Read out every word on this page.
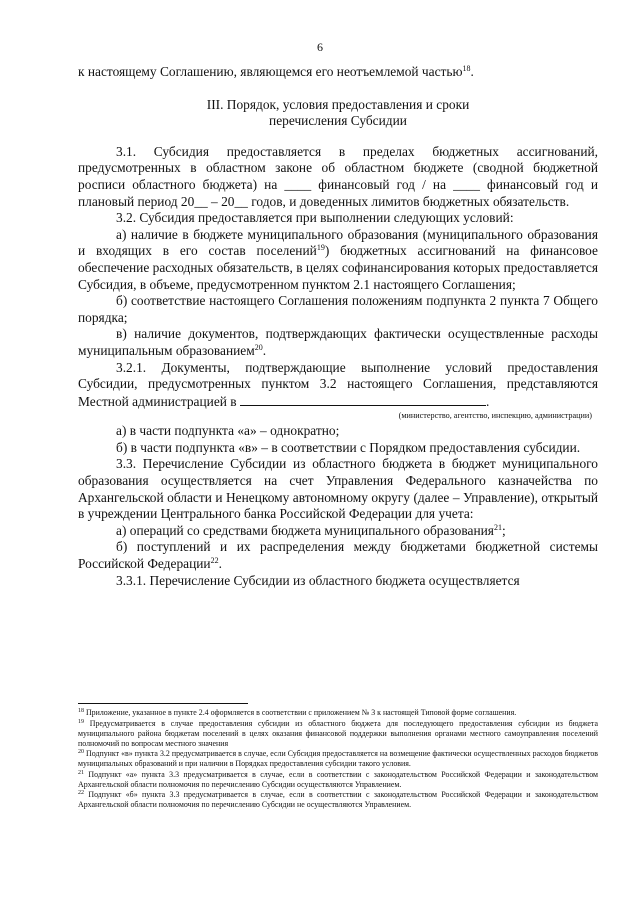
6

к настоящему Соглашению, являющемся его неотъемлемой частью$^{18}$.

III. Порядок, условия предоставления и сроки
перечисления Субсидии

3.1. Субсидия предоставляется в пределах бюджетных ассигнований, предусмотренных в областном законе об областном бюджете (сводной бюджетной росписи областного бюджета) на ____ финансовый год / на ____ финансовый год и плановый период 20__ – 20__ годов, и доведенных лимитов бюджетных обязательств.

3.2. Субсидия предоставляется при выполнении следующих условий:

а) наличие в бюджете муниципального образования (муниципального образования и входящих в его состав поселений$^{19}$) бюджетных ассигнований на финансовое обеспечение расходных обязательств, в целях софинансирования которых предоставляется Субсидия, в объеме, предусмотренном пунктом 2.1 настоящего Соглашения;

б) соответствие настоящего Соглашения положениям подпункта 2 пункта 7 Общего порядка;

в) наличие документов, подтверждающих фактически осуществленные расходы муниципальным образованием$^{20}$.

3.2.1. Документы, подтверждающие выполнение условий предоставления Субсидии, предусмотренных пунктом 3.2 настоящего Соглашения, представляются Местной администрацией в	.

(министерство, агентство, инспекцию, администрации)

а) в части подпункта «а» – однократно;

б) в части подпункта «в» – в соответствии с Порядком предоставления субсидии.

3.3. Перечисление Субсидии из областного бюджета в бюджет муниципального образования осуществляется на счет Управления Федерального казначейства по Архангельской области и Ненецкому автономному округу (далее – Управление), открытый в учреждении Центрального банка Российской Федерации для учета:

а) операций со средствами бюджета муниципального образования$^{21}$;

б) поступлений и их распределения между бюджетами бюджетной системы Российской Федерации$^{22}$.

3.3.1. Перечисление Субсидии из областного бюджета осуществляется

$^{18}$ Приложение, указанное в пункте 2.4 оформляется в соответствии с приложением № 3 к настоящей Типовой форме соглашения.

$^{19}$ Предусматривается в случае предоставления субсидии из областного бюджета для последующего предоставления субсидии из бюджета муниципального района бюджетам поселений в целях оказания финансовой поддержки выполнения органами местного самоуправления поселений полномочий по вопросам местного значения

$^{20}$ Подпункт «в» пункта 3.2 предусматривается в случае, если Субсидия предоставляется на возмещение фактически осуществленных расходов бюджетов муниципальных образований и при наличии в Порядках предоставления субсидии такого условия.

$^{21}$ Подпункт «а» пункта 3.3 предусматривается в случае, если в соответствии с законодательством Российской Федерации и законодательством Архангельской области полномочия по перечислению Субсидии осуществляются Управлением.

$^{22}$ Подпункт «б» пункта 3.3 предусматривается в случае, если в соответствии с законодательством Российской Федерации и законодательством Архангельской области полномочия по перечислению Субсидии не осуществляются Управлением.
